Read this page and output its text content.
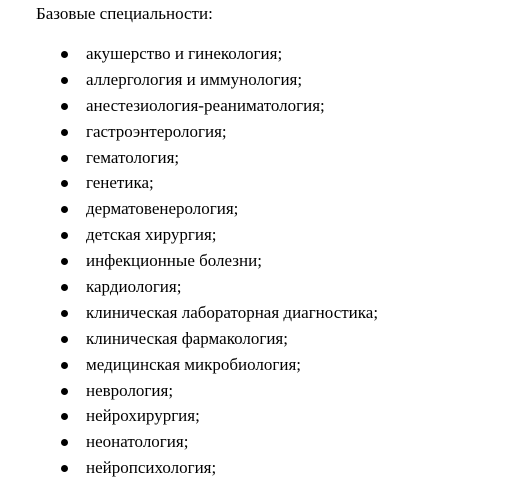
Базовые специальности:
акушерство и гинекология;
аллергология и иммунология;
анестезиология-реаниматология;
гастроэнтерология;
гематология;
генетика;
дерматовенерология;
детская хирургия;
инфекционные болезни;
кардиология;
клиническая лабораторная диагностика;
клиническая фармакология;
медицинская микробиология;
неврология;
нейрохирургия;
неонатология;
нейропсихология;
